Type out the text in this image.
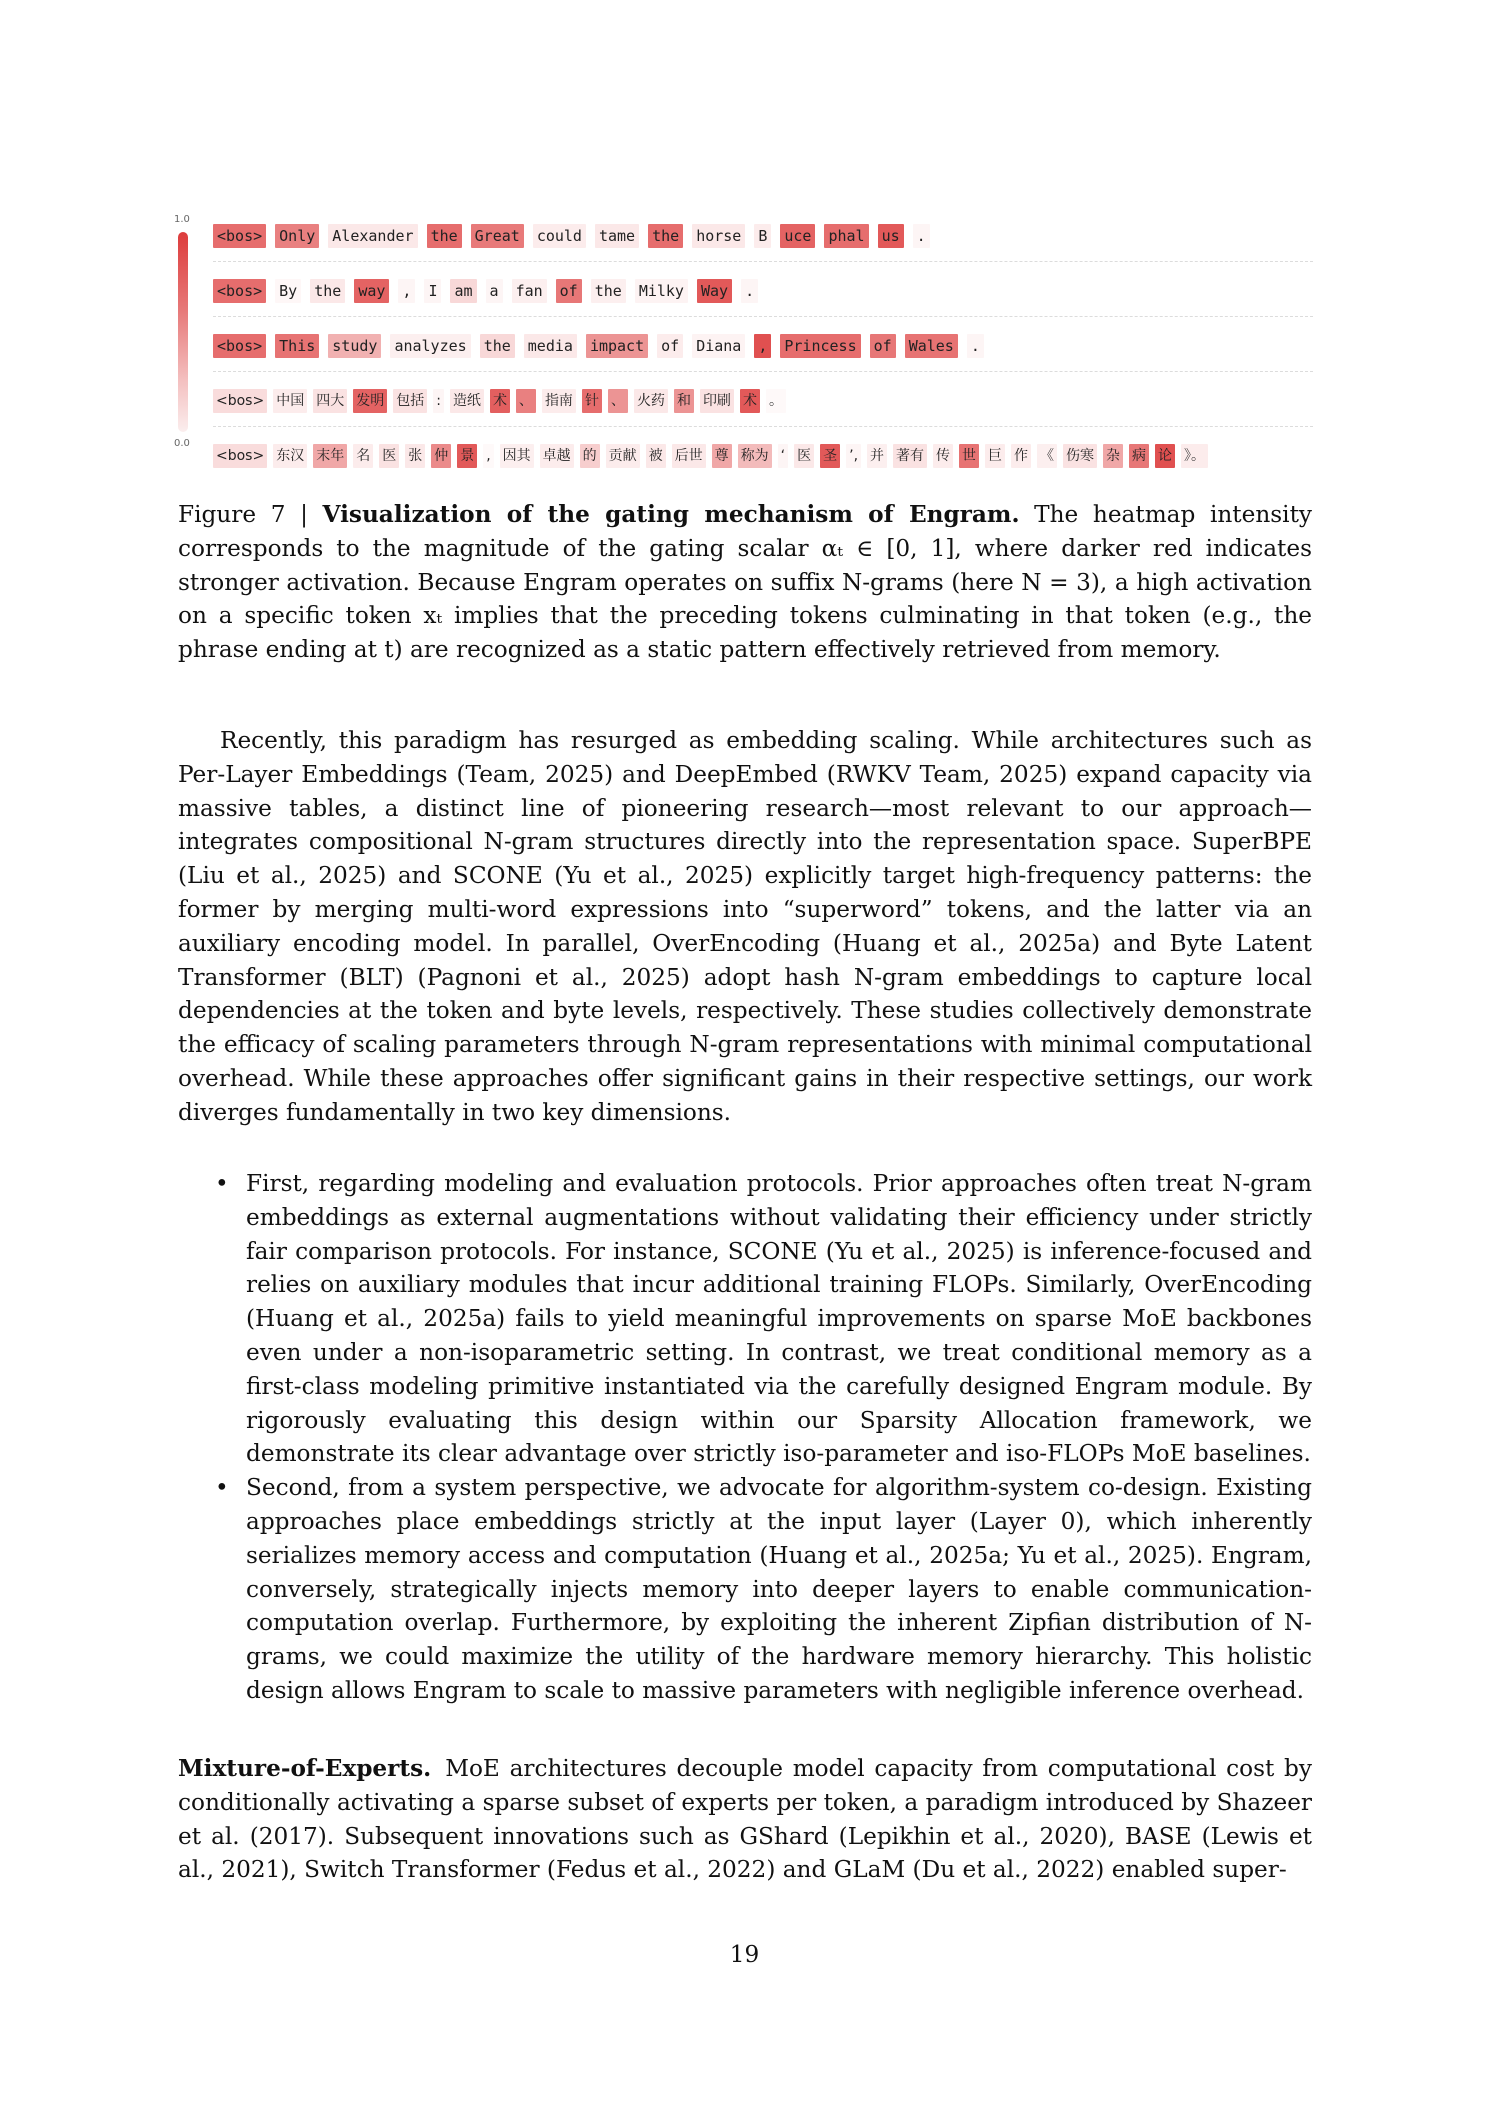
1.0
0.0
<bos> Only Alexander the Great could tame the horse B uce phal us .
<bos> By the way , I am a fan of the Milky Way .
<bos> This study analyzes the media impact of Diana , Princess of Wales .
<bos> 中国 四大 发明 包括 : 造纸 术 、 指南 针 、 火药 和 印刷 术 。
<bos> 东汉 末年 名 医 张 仲 景 , 因其 卓越 的 贡献 被 后世 尊 称为 ‘ 医 圣 ’, 并 著有 传 世 巨 作 《 伤寒 杂 病 论 》。
Figure 7 | Visualization of the gating mechanism of Engram. The heatmap intensity corresponds to the magnitude of the gating scalar αₜ ∈ [0, 1], where darker red indicates stronger activation. Because Engram operates on suffix N-grams (here N = 3), a high activation on a specific token xₜ implies that the preceding tokens culminating in that token (e.g., the phrase ending at t) are recognized as a static pattern effectively retrieved from memory.
Recently, this paradigm has resurged as embedding scaling. While architectures such as Per-Layer Embeddings (Team, 2025) and DeepEmbed (RWKV Team, 2025) expand capacity via massive tables, a distinct line of pioneering research—most relevant to our approach—integrates compositional N-gram structures directly into the representation space. SuperBPE (Liu et al., 2025) and SCONE (Yu et al., 2025) explicitly target high-frequency patterns: the former by merging multi-word expressions into “superword” tokens, and the latter via an auxiliary encoding model. In parallel, OverEncoding (Huang et al., 2025a) and Byte Latent Transformer (BLT) (Pagnoni et al., 2025) adopt hash N-gram embeddings to capture local dependencies at the token and byte levels, respectively. These studies collectively demonstrate the efficacy of scaling parameters through N-gram representations with minimal computational overhead. While these approaches offer significant gains in their respective settings, our work diverges fundamentally in two key dimensions.
• First, regarding modeling and evaluation protocols. Prior approaches often treat N-gram embeddings as external augmentations without validating their efficiency under strictly fair comparison protocols. For instance, SCONE (Yu et al., 2025) is inference-focused and relies on auxiliary modules that incur additional training FLOPs. Similarly, OverEncoding (Huang et al., 2025a) fails to yield meaningful improvements on sparse MoE backbones even under a non-isoparametric setting. In contrast, we treat conditional memory as a first-class modeling primitive instantiated via the carefully designed Engram module. By rigorously evaluating this design within our Sparsity Allocation framework, we demonstrate its clear advantage over strictly iso-parameter and iso-FLOPs MoE baselines.
• Second, from a system perspective, we advocate for algorithm-system co-design. Existing approaches place embeddings strictly at the input layer (Layer 0), which inherently serializes memory access and computation (Huang et al., 2025a; Yu et al., 2025). Engram, conversely, strategically injects memory into deeper layers to enable communication-computation overlap. Furthermore, by exploiting the inherent Zipfian distribution of N-grams, we could maximize the utility of the hardware memory hierarchy. This holistic design allows Engram to scale to massive parameters with negligible inference overhead.
Mixture-of-Experts. MoE architectures decouple model capacity from computational cost by conditionally activating a sparse subset of experts per token, a paradigm introduced by Shazeer et al. (2017). Subsequent innovations such as GShard (Lepikhin et al., 2020), BASE (Lewis et al., 2021), Switch Transformer (Fedus et al., 2022) and GLaM (Du et al., 2022) enabled super-
19
